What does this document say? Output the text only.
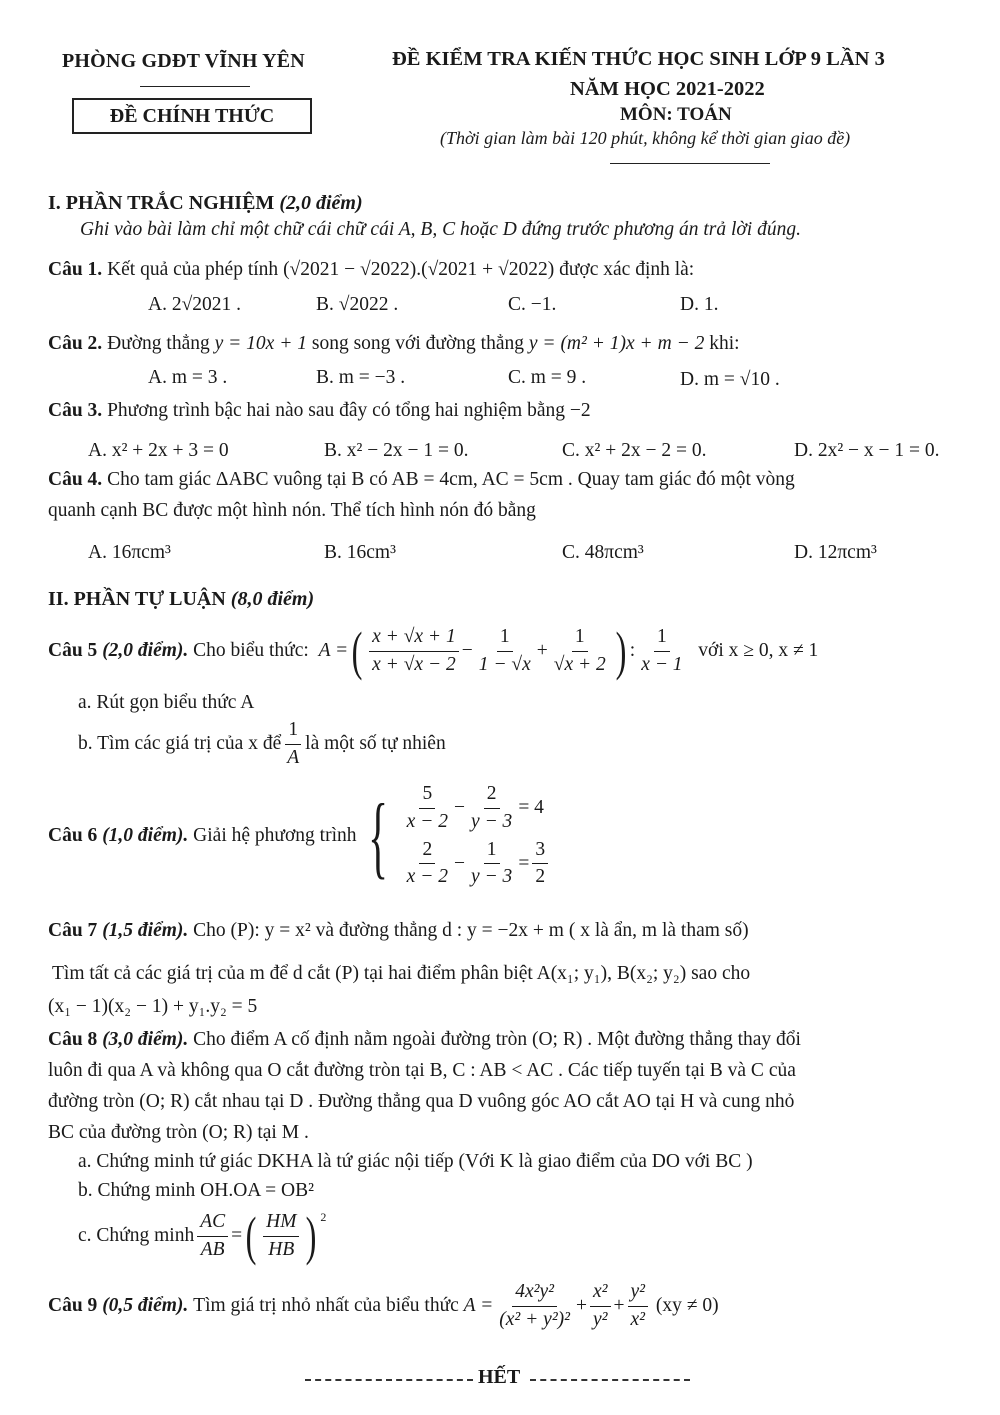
PHÒNG GDĐT VĨNH YÊN
ĐỀ CHÍNH THỨC
ĐỀ KIỂM TRA KIẾN THỨC HỌC SINH LỚP 9 LẦN 3
NĂM HỌC 2021-2022
MÔN: TOÁN
(Thời gian làm bài 120 phút, không kể thời gian giao đề)
I. PHẦN TRẮC NGHIỆM (2,0 điểm)
Ghi vào bài làm chỉ một chữ cái chữ cái A, B, C hoặc D đứng trước phương án trả lời đúng.
Câu 1. Kết quả của phép tính (√2021 − √2022).(√2021 + √2022) được xác định là:
A. 2√2021 .	B. √2022 .	C. −1.	D. 1.
Câu 2. Đường thẳng y = 10x + 1 song song với đường thẳng y = (m² + 1)x + m − 2 khi:
A. m = 3 .	B. m = −3 .	C. m = 9 .	D. m = √10 .
Câu 3. Phương trình bậc hai nào sau đây có tổng hai nghiệm bằng −2
A. x² + 2x + 3 = 0	B. x² − 2x − 1 = 0.	C. x² + 2x − 2 = 0.	D. 2x² − x − 1 = 0.
Câu 4. Cho tam giác ΔABC vuông tại B có AB = 4cm, AC = 5cm . Quay tam giác đó một vòng
quanh cạnh BC được một hình nón. Thể tích hình nón đó bằng
A. 16πcm³	B. 16cm³	C. 48πcm³	D. 12πcm³
II. PHẦN TỰ LUẬN (8,0 điểm)
Câu 5
(2,0 điểm).
Cho biểu thức:
A = ( $\frac{x + √x + 1}{x + √x - 2} - \frac{1}{1 - √x} + \frac{1}{√x + 2}$ ) : $\frac{1}{x - 1}$
với x ≥ 0, x ≠ 1
a. Rút gọn biểu thức A
b. Tìm các giá trị của x để $\frac{1}{A}$ là một số tự nhiên
Câu 6
(1,0 điểm).
Giải hệ phương trình { $\frac{5}{x - 2} - \frac{2}{y - 3} = 4$
$\frac{2}{x - 2} - \frac{1}{y - 3} = \frac{3}{2}$
Câu 7 (1,5 điểm). Cho (P): y = x² và đường thẳng d : y = −2x + m ( x là ẩn, m là tham số)
Tìm tất cả các giá trị của m để d cắt (P) tại hai điểm phân biệt A(x₁; y₁), B(x₂; y₂) sao cho
(x₁ − 1)(x₂ − 1) + y₁.y₂ = 5
Câu 8 (3,0 điểm). Cho điểm A cố định nằm ngoài đường tròn (O; R) . Một đường thẳng thay đổi
luôn đi qua A và không qua O cắt đường tròn tại B, C : AB < AC . Các tiếp tuyến tại B và C của
đường tròn (O; R) cắt nhau tại D . Đường thẳng qua D vuông góc AO cắt AO tại H và cung nhỏ
BC của đường tròn (O; R) tại M .
a. Chứng minh tứ giác DKHA là tứ giác nội tiếp (Với K là giao điểm của DO với BC )
b. Chứng minh OH.OA = OB²
c. Chứng minh $\frac{AC}{AB}$ = ( $\frac{HM}{HB}$ ) $^2$
Câu 9
(0,5 điểm).
Tìm giá trị nhỏ nhất của biểu thức
$A = \frac{\text{4x²y²}}{\text{(x² + y²)²}} + \frac{\text{x²}}{\text{y²}} + \frac{\text{y²}}{\text{x²}}$
(xy ≠ 0)
HẾT
